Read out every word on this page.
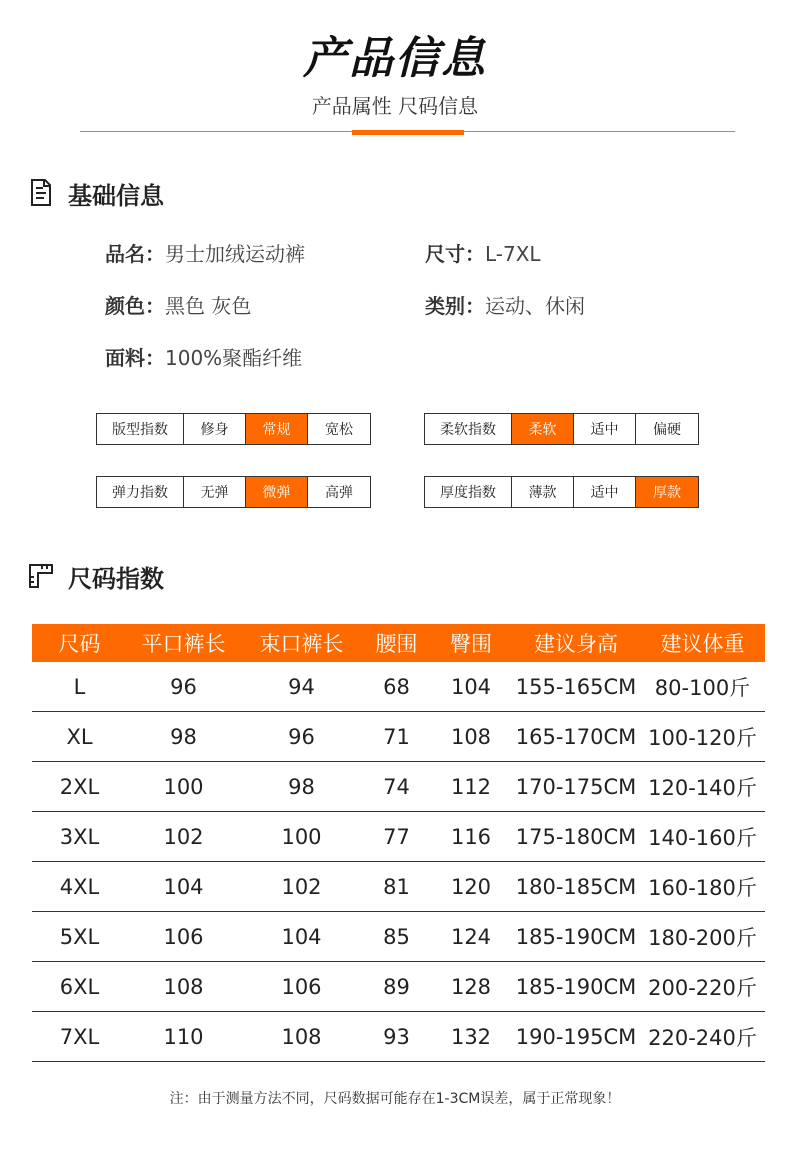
产品信息
产品属性 尺码信息
基础信息
品名：男士加绒运动裤	尺寸：L-7XL
颜色：黑色 灰色	类别：运动、休闲
面料：100%聚酯纤维
版型指数	修身	常规	宽松	柔软指数	柔软	适中	偏硬
弹力指数	无弹	微弹	高弹	厚度指数	薄款	适中	厚款
尺码指数
尺码	平口裤长	束口裤长	腰围	臀围	建议身高	建议体重
L	96	94	68	104	155-165CM 80-100斤
XL	98	96	71	108	165-170CM 100-120斤
2XL	100	98	74	112	170-175CM 120-140斤
3XL	102	100	77	116	175-180CM 140-160斤
4XL	104	102	81	120	180-185CM 160-180斤
5XL	106	104	85	124	185-190CM 180-200斤
6XL	108	106	89	128	185-190CM 200-220斤
7XL	110	108	93	132	190-195CM 220-240斤
注：由于测量方法不同，尺码数据可能存在1-3CM误差，属于正常现象！
